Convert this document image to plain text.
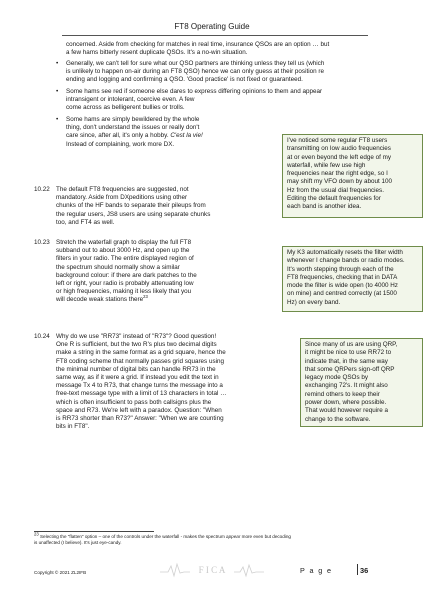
FT8 Operating Guide

concerned. Aside from checking for matches in real time, insurance QSOs are an option … but

a few hams bitterly resent duplicate QSOs. It's a no-win situation.

• Generally, we can't tell for sure what our QSO partners are thinking unless they tell us (which

is unlikely to happen on-air during an FT8 QSO) hence we can only guess at their position re

ending and logging and confirming a QSO. 'Good practice' is not fixed or guaranteed.

• Some hams see red if someone else dares to express differing opinions to them and appear

intransigent or intolerant, coercive even. A few

come across as belligerent bullies or trolls.

• Some hams are simply bewildered by the whole

thing, don't understand the issues or really don't

care since, after all, it's only a hobby. C'est la vie!

Instead of complaining, work more DX.

I've noticed some regular FT8 users

transmitting on low audio frequencies

at or even beyond the left edge of my

waterfall, while few use high

frequencies near the right edge, so I

may shift my VFO down by about 100

Hz from the usual dial frequencies.

Editing the default frequencies for

each band is another idea.

10.22 The default FT8 frequencies are suggested, not

mandatory. Aside from DXpeditions using other

chunks of the HF bands to separate their pileups from

the regular users, JS8 users are using separate chunks

too, and FT4 as well.

10.23 Stretch the waterfall graph to display the full FT8

subband out to about 3000 Hz, and open up the

filters in your radio. The entire displayed region of

the spectrum should normally show a similar

background colour: if there are dark patches to the

left or right, your radio is probably attenuating low

or high frequencies, making it less likely that you

will decode weak stations there$^{23}$

My K3 automatically resets the filter width

whenever I change bands or radio modes.

It's worth stepping through each of the

FT8 frequencies, checking that in DATA

mode the filter is wide open (to 4000 Hz

on mine) and centred correctly (at 1500

Hz) on every band.

10.24 Why do we use "RR73" instead of "R73"? Good question!

One R is sufficient, but the two R's plus two decimal digits

make a string in the same format as a grid square, hence the

FT8 coding scheme that normally passes grid squares using

the minimal number of digital bits can handle RR73 in the

same way, as if it were a grid. If instead you edit the text in

message Tx 4 to R73, that change turns the message into a

free-text message type with a limit of 13 characters in total …

which is often insufficient to pass both callsigns plus the

space and R73. We're left with a paradox. Question: "When

is RR73 shorter than R73?" Answer: "When we are counting

bits in FT8".

Since many of us are using QRP,

it might be nice to use RR72 to

indicate that, in the same way

that some QRPers sign-off QRP

legacy mode QSOs by

exchanging 72's. It might also

remind others to keep their

power down, where possible.

That would however require a

change to the software.

$^{23}$ Selecting the "flatten" option – one of the controls under the waterfall - makes the spectrum appear more even but decoding
is unaffected (I believe). It's just eye-candy.
Copyright © 2021 ZL2IFB	F I C A	P a g e	36
